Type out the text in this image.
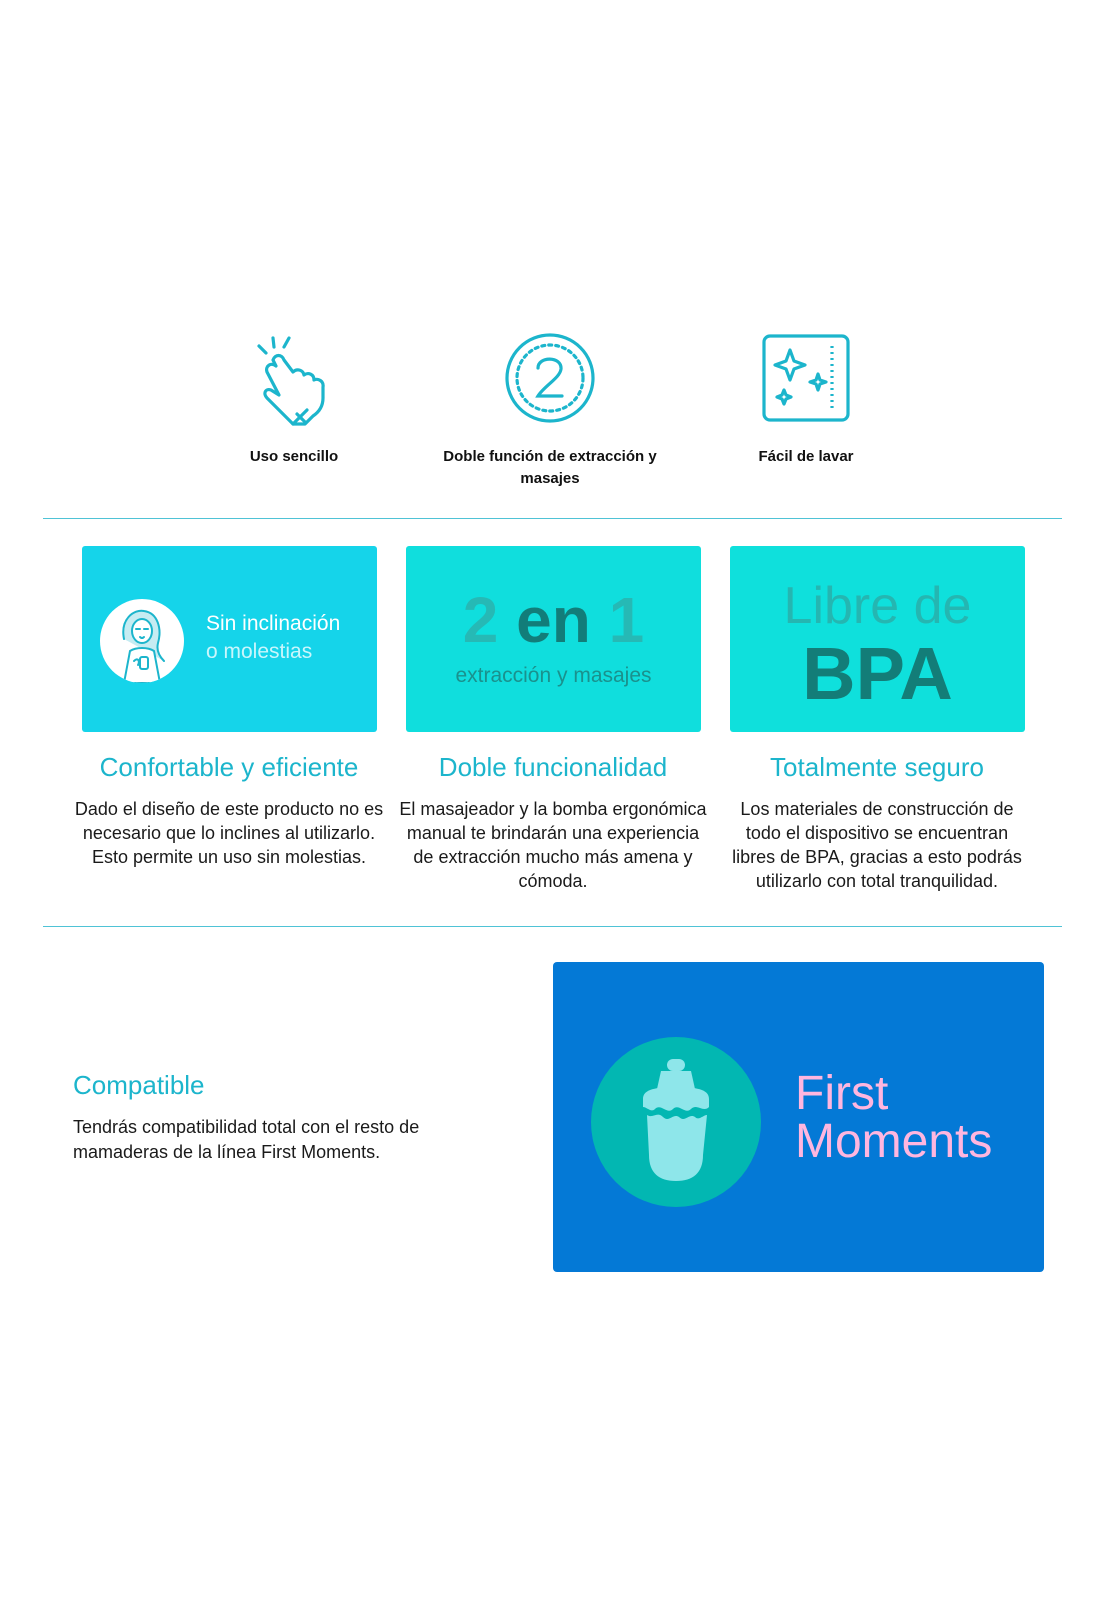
Uso sencillo	Doble función de extracción y masajes
Fácil de lavar
Sin inclinación
o molestias	2 en 1
extracción y masajes
Libre de
BPA
Confortable y eficiente	Doble funcionalidad	Totalmente seguro
Dado el diseño de este producto no es necesario que lo inclines al utilizarlo. Esto permite un uso sin molestias.
El masajeador y la bomba ergonómica manual te brindarán una experiencia de extracción mucho más amena y cómoda.
Los materiales de construcción de todo el dispositivo se encuentran libres de BPA, gracias a esto podrás utilizarlo con total tranquilidad.
Compatible
Tendrás compatibilidad total con el resto de mamaderas de la línea First Moments.
First
Moments
